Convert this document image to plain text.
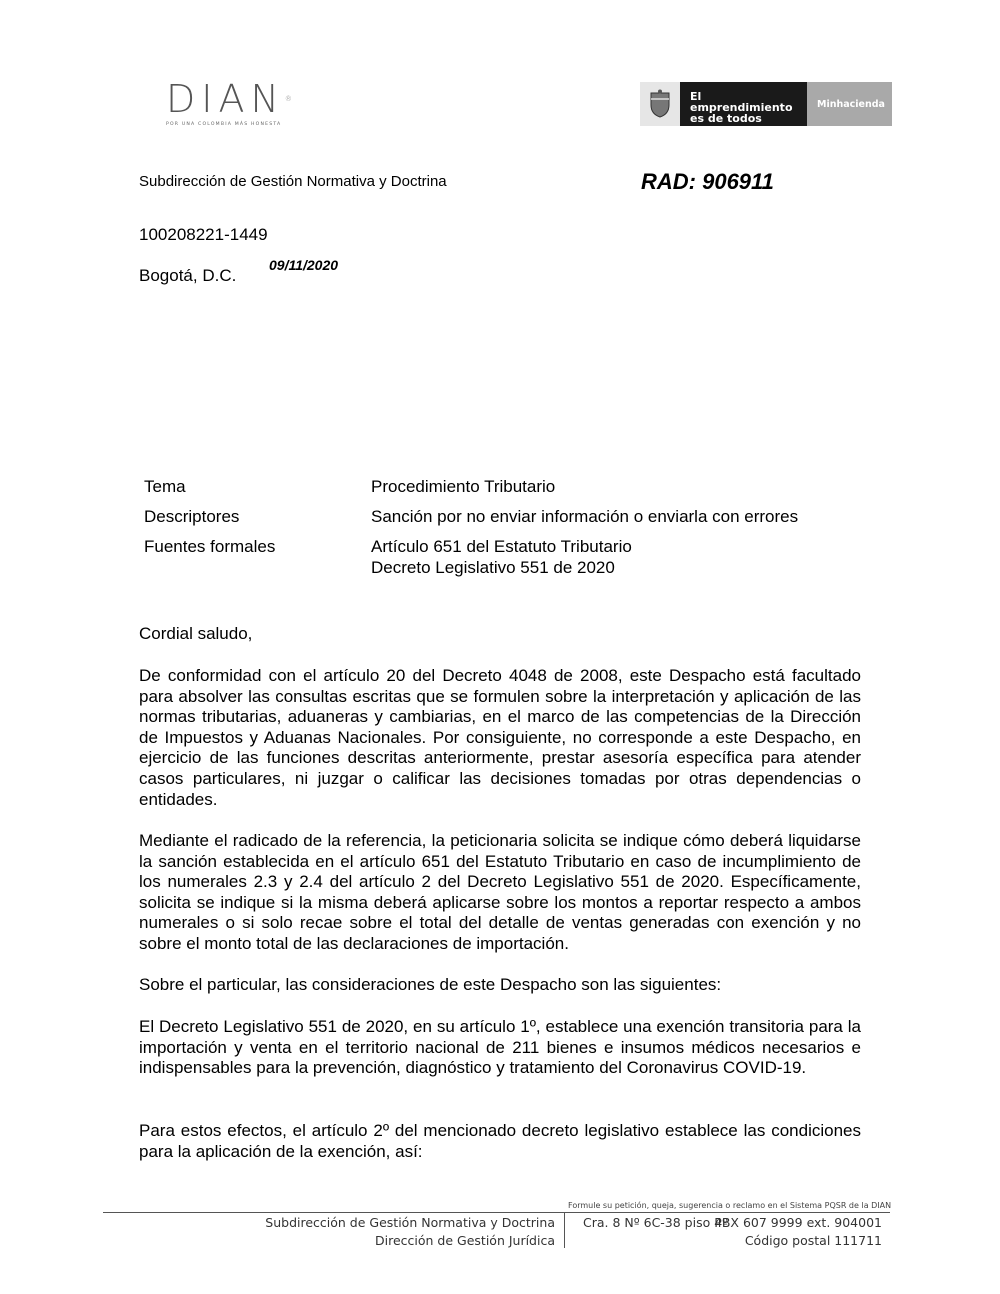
DIAN®
POR UNA COLOMBIA MÁS HONESTA
El emprendimiento
es de todos
Minhacienda
Subdirección de Gestión Normativa y Doctrina	RAD: 906911
100208221-1449
Bogotá, D.C.
09/11/2020
Tema	Procedimiento Tributario
Descriptores	Sanción por no enviar información o enviarla con errores
Fuentes formales	Artículo 651 del Estatuto Tributario
Decreto Legislativo 551 de 2020
Cordial saludo,
De conformidad con el artículo 20 del Decreto 4048 de 2008, este Despacho está facultado para absolver las consultas escritas que se formulen sobre la interpretación y aplicación de las normas tributarias, aduaneras y cambiarias, en el marco de las competencias de la Dirección de Impuestos y Aduanas Nacionales. Por consiguiente, no corresponde a este Despacho, en ejercicio de las funciones descritas anteriormente, prestar asesoría específica para atender casos particulares, ni juzgar o calificar las decisiones tomadas por otras dependencias o entidades.
Mediante el radicado de la referencia, la peticionaria solicita se indique cómo deberá liquidarse la sanción establecida en el artículo 651 del Estatuto Tributario en caso de incumplimiento de los numerales 2.3 y 2.4 del artículo 2 del Decreto Legislativo 551 de 2020. Específicamente, solicita se indique si la misma deberá aplicarse sobre los montos a reportar respecto a ambos numerales o si solo recae sobre el total del detalle de ventas generadas con exención y no sobre el monto total de las declaraciones de importación.
Sobre el particular, las consideraciones de este Despacho son las siguientes:
El Decreto Legislativo 551 de 2020, en su artículo 1º, establece una exención transitoria para la importación y venta en el territorio nacional de 211 bienes e insumos médicos necesarios e indispensables para la prevención, diagnóstico y tratamiento del Coronavirus COVID-19.
Para estos efectos, el artículo 2º del mencionado decreto legislativo establece las condiciones para la aplicación de la exención, así:
Formule su petición, queja, sugerencia o reclamo en el Sistema PQSR de la DIAN
Subdirección de Gestión Normativa y Doctrina
Dirección de Gestión Jurídica
Cra. 8 Nº 6C-38 piso 4º
PBX 607 9999 ext. 904001
Código postal 111711
